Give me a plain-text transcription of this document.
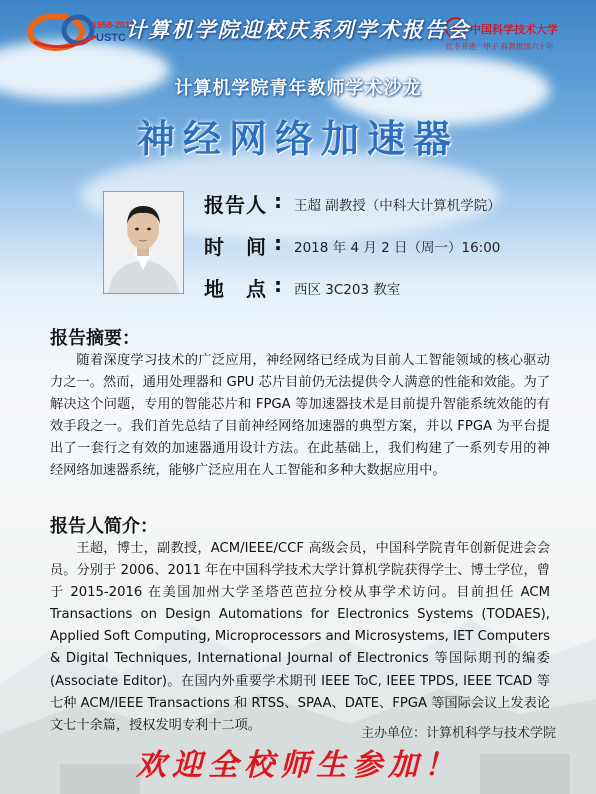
1958-2018
USTC
中国科学技术大学
红专并进一甲子 科教报国六十年
计算机学院迎校庆系列学术报告会
计算机学院青年教师学术沙龙
神经网络加速器
报告人 : 王超 副教授（中科大计算机学院）
时　间 : 2018 年 4 月 2 日（周一）16:00
地　点 : 西区 3C203 教室
报告摘要：
随着深度学习技术的广泛应用，神经网络已经成为目前人工智能领域的核心驱动力之一。然而，通用处理器和 GPU 芯片目前仍无法提供令人满意的性能和效能。为了解决这个问题，专用的智能芯片和 FPGA 等加速器技术是目前提升智能系统效能的有效手段之一。我们首先总结了目前神经网络加速器的典型方案，并以 FPGA 为平台提出了一套行之有效的加速器通用设计方法。在此基础上，我们构建了一系列专用的神经网络加速器系统，能够广泛应用在人工智能和多种大数据应用中。
报告人简介：
王超，博士，副教授，ACM/IEEE/CCF 高级会员，中国科学院青年创新促进会会员。分别于 2006、2011 年在中国科学技术大学计算机学院获得学士、博士学位，曾于 2015-2016 在美国加州大学圣塔芭芭拉分校从事学术访问。目前担任 ACM Transactions on Design Automations for Electronics Systems (TODAES), Applied Soft Computing, Microprocessors and Microsystems, IET Computers & Digital Techniques, International Journal of Electronics 等国际期刊的编委 (Associate Editor)。在国内外重要学术期刊 IEEE ToC, IEEE TPDS, IEEE TCAD 等七种 ACM/IEEE Transactions 和 RTSS、SPAA、DATE、FPGA 等国际会议上发表论文七十余篇，授权发明专利十二项。
主办单位：计算机科学与技术学院
欢迎全校师生参加！
